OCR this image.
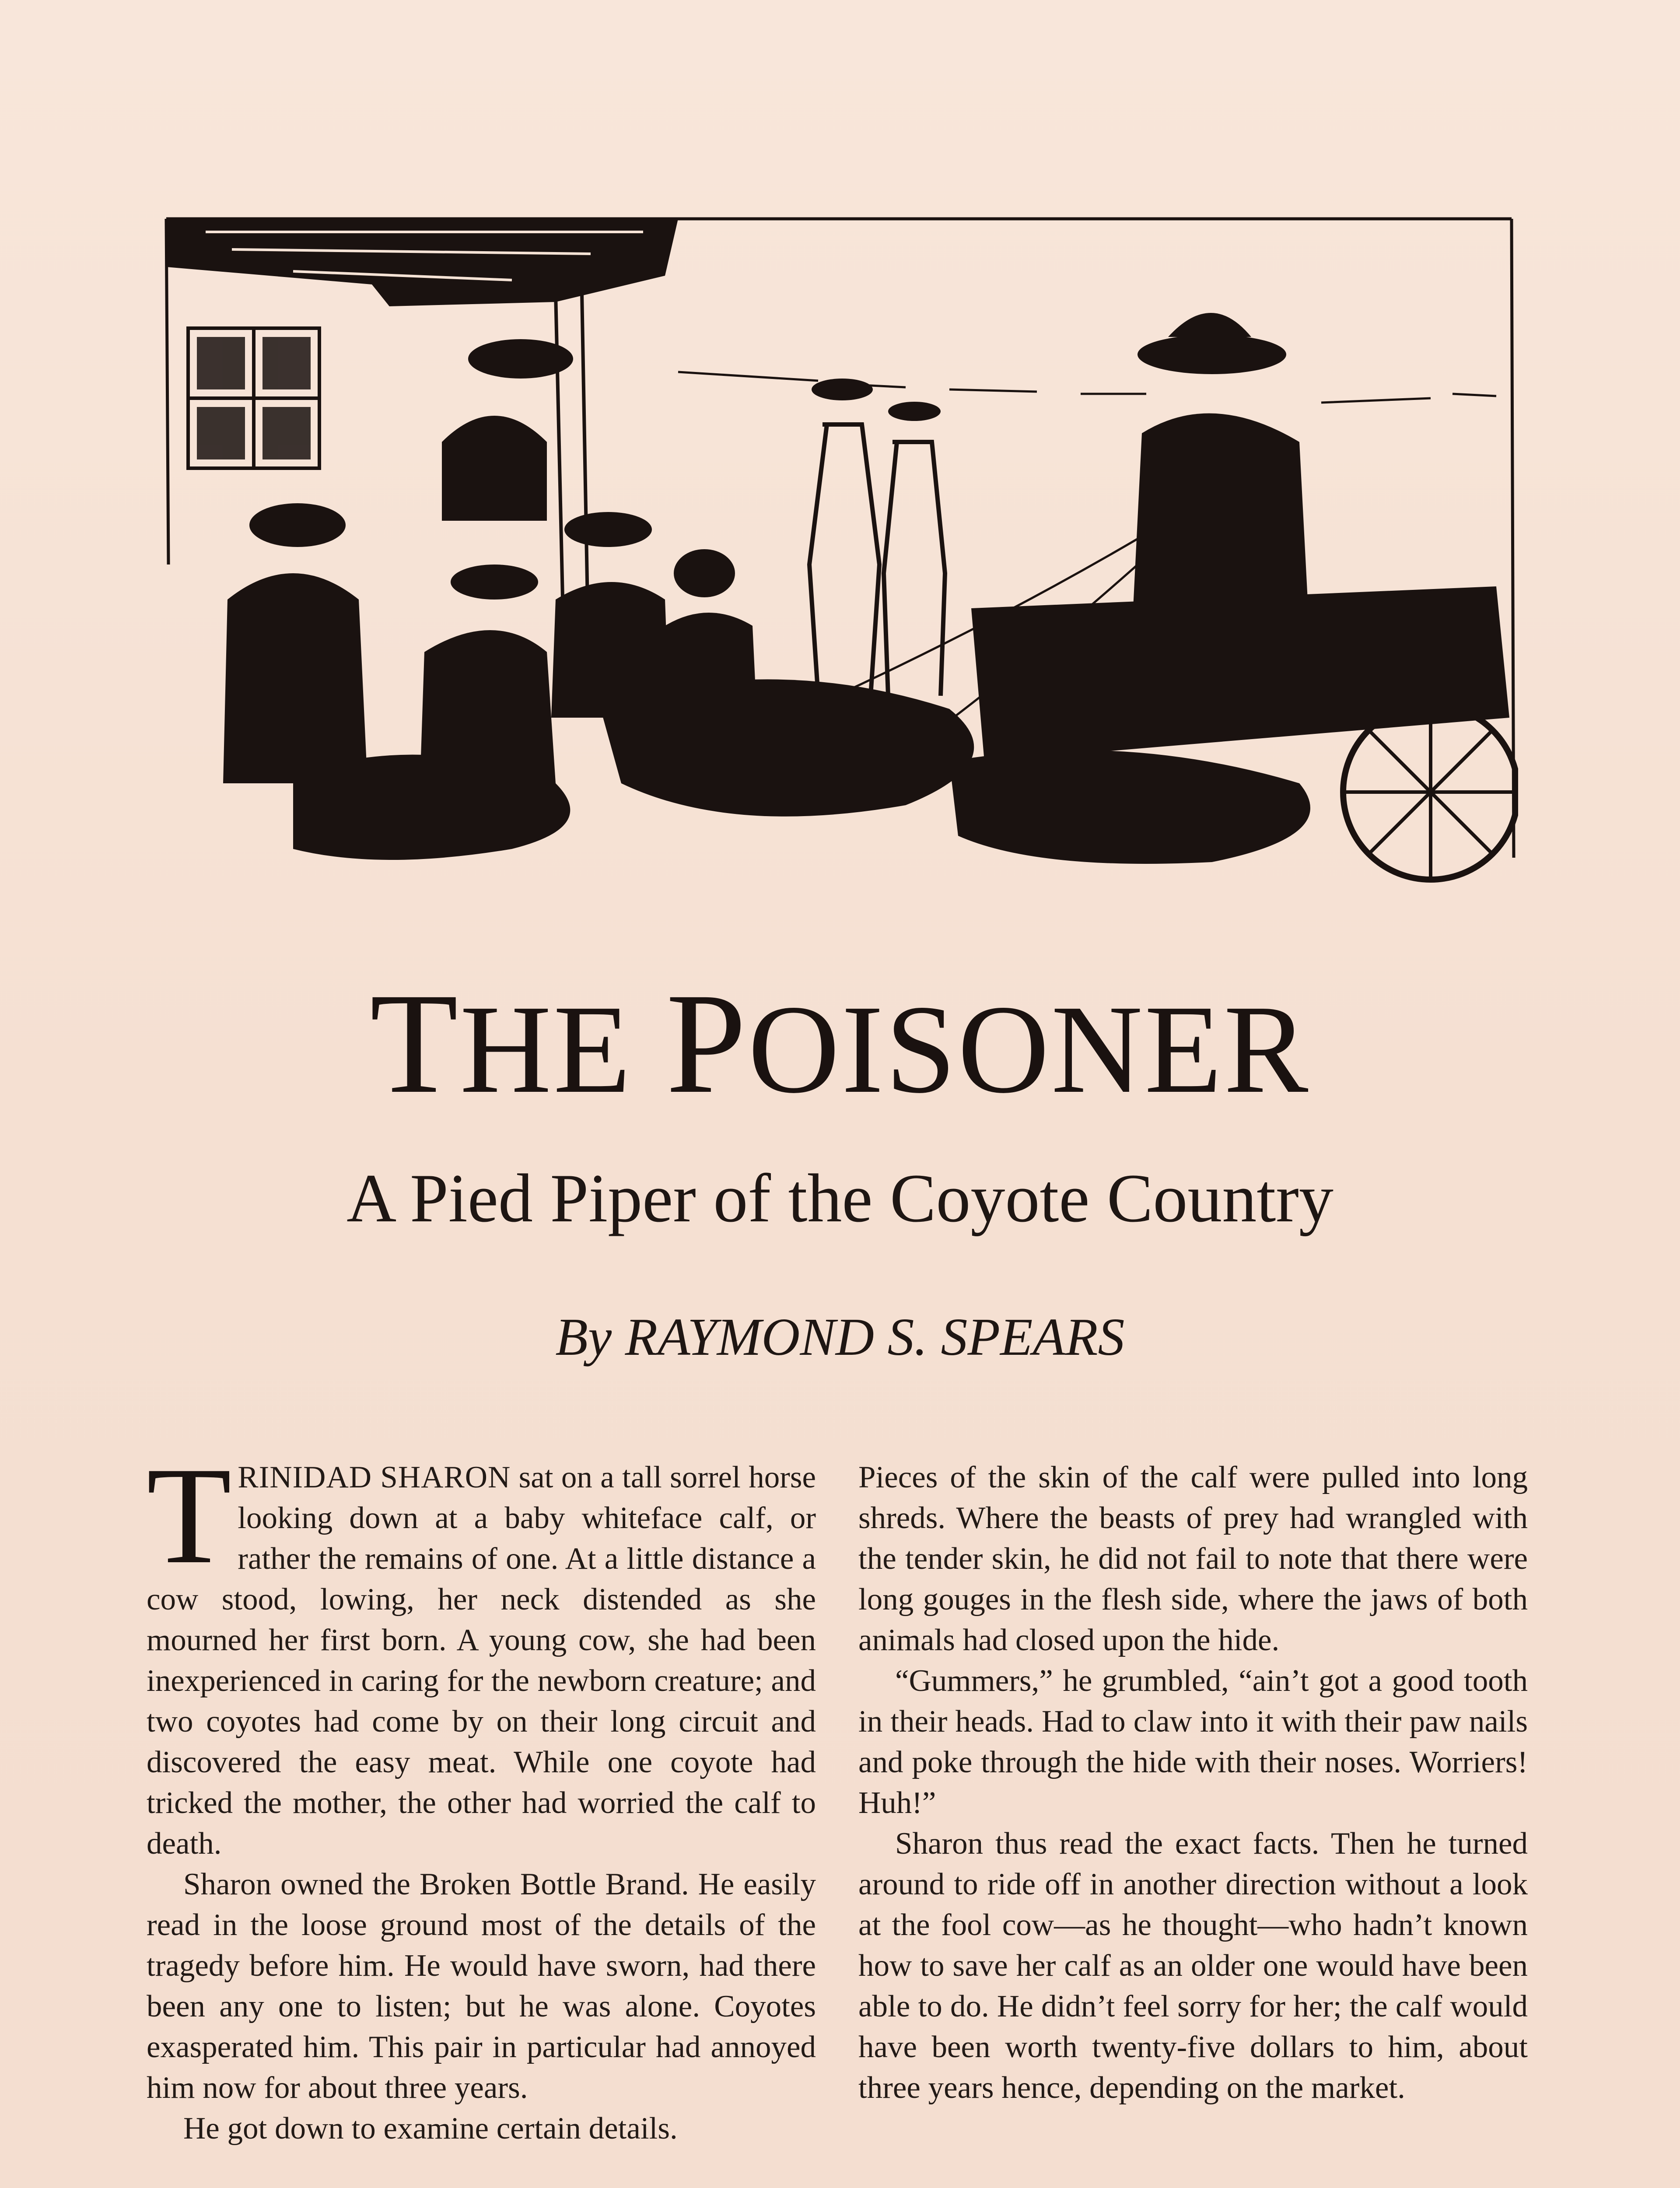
THE POISONER
A Pied Piper of the Coyote Country
By RAYMOND S. SPEARS

TRINIDAD SHARON sat on a tall sorrel horse looking down at a baby whiteface calf, or rather the remains of one. At a little distance a cow stood, lowing, her neck distended as she mourned her first born. A young cow, she had been inexperienced in caring for the newborn creature; and two coyotes had come by on their long circuit and discovered the easy meat. While one coyote had tricked the mother, the other had worried the calf to death.

Sharon owned the Broken Bottle Brand. He easily read in the loose ground most of the details of the tragedy before him. He would have sworn, had there been any one to listen; but he was alone. Coyotes exasperated him. This pair in particular had annoyed him now for about three years.

He got down to examine certain details.

Pieces of the skin of the calf were pulled into long shreds. Where the beasts of prey had wrangled with the tender skin, he did not fail to note that there were long gouges in the flesh side, where the jaws of both animals had closed upon the hide.

“Gummers,” he grumbled, “ain’t got a good tooth in their heads. Had to claw into it with their paw nails and poke through the hide with their noses. Worriers! Huh!”

Sharon thus read the exact facts. Then he turned around to ride off in another direction without a look at the fool cow—as he thought—who hadn’t known how to save her calf as an older one would have been able to do. He didn’t feel sorry for her; the calf would have been worth twenty-five dollars to him, about three years hence, depending on the market.
